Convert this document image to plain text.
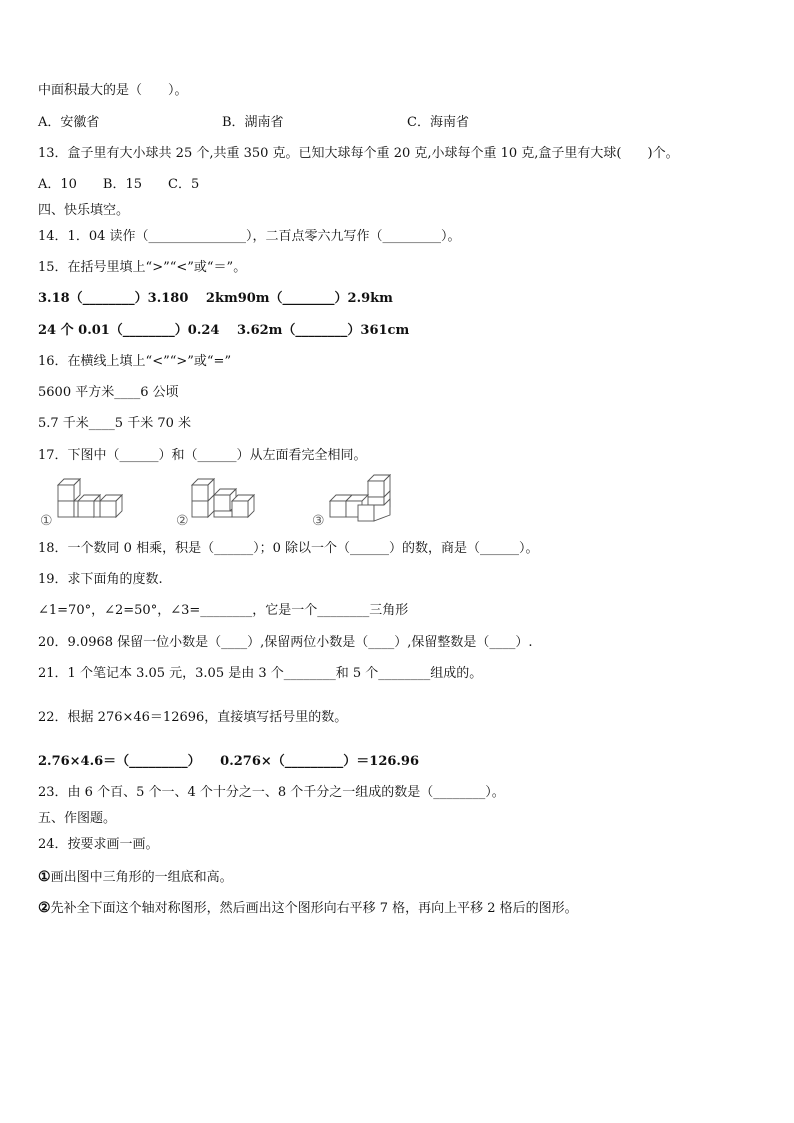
中面积最大的是（　　）。
A．安徽省	B．湖南省	C．海南省
13．盒子里有大小球共 25 个,共重 350 克。已知大球每个重 20 克,小球每个重 10 克,盒子里有大球(　　)个。
A．10　　B．15　　C．5
四、快乐填空。
14．1．04 读作（_______________），二百点零六九写作（_________）。
15．在括号里填上“>”“<”或“＝”。
3.18（________）3.180　 2km90m（________）2.9km
24 个 0.01（________）0.24　 3.62m（________）361cm
16．在横线上填上“<”“>”或“=”
5600 平方米____6 公顷
5.7 千米____5 千米 70 米
17．下图中（______）和（______）从左面看完全相同。
①	②	③
18．一个数同 0 相乘，积是（______）；0 除以一个（______）的数，商是（______）。
19．求下面角的度数.
∠1=70°，∠2=50°，∠3=________，它是一个________三角形
20．9.0968 保留一位小数是（____）,保留两位小数是（____）,保留整数是（____）.
21．1 个笔记本 3.05 元，3.05 是由 3 个________和 5 个________组成的。
22．根据 276×46＝12696，直接填写括号里的数。
2.76×4.6＝（_________）　　0.276×（_________）＝126.96
23．由 6 个百、5 个一、4 个十分之一、8 个千分之一组成的数是（________）。
五、作图题。
24．按要求画一画。
①画出图中三角形的一组底和高。
②先补全下面这个轴对称图形，然后画出这个图形向右平移 7 格，再向上平移 2 格后的图形。
